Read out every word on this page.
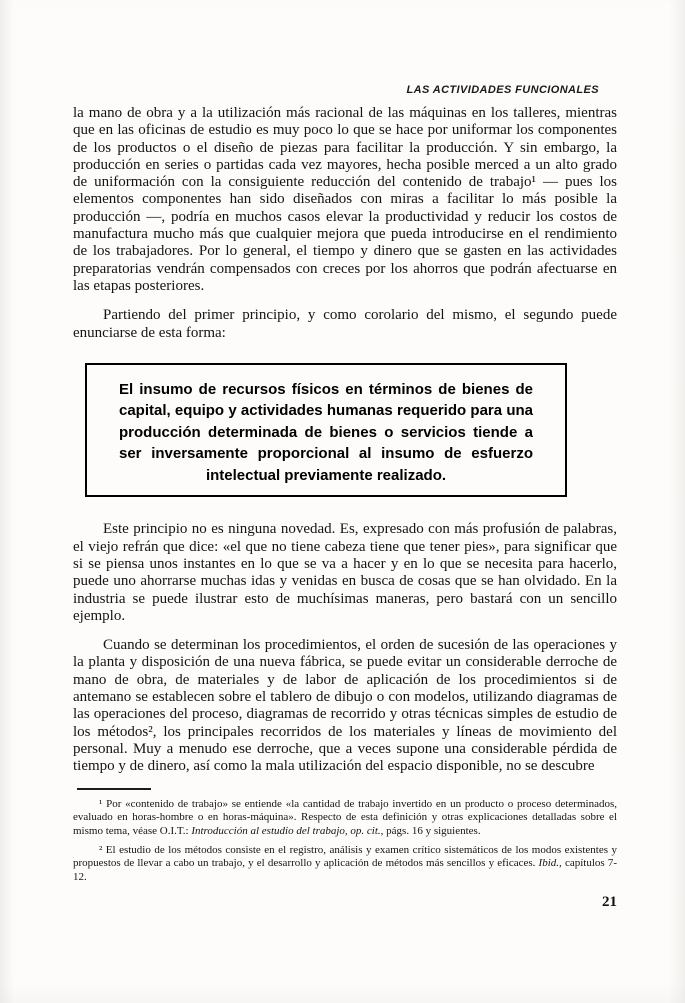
LAS ACTIVIDADES FUNCIONALES

la mano de obra y a la utilización más racional de las máquinas en los talleres, mientras que en las oficinas de estudio es muy poco lo que se hace por uniformar los componentes de los productos o el diseño de piezas para facilitar la producción. Y sin embargo, la producción en series o partidas cada vez mayores, hecha posible merced a un alto grado de uniformación con la consiguiente reducción del contenido de trabajo¹ — pues los elementos componentes han sido diseñados con miras a facilitar lo más posible la producción —, podría en muchos casos elevar la productividad y reducir los costos de manufactura mucho más que cualquier mejora que pueda introducirse en el rendimiento de los trabajadores. Por lo general, el tiempo y dinero que se gasten en las actividades preparatorias vendrán compensados con creces por los ahorros que podrán afectuarse en las etapas posteriores.

Partiendo del primer principio, y como corolario del mismo, el segundo puede enunciarse de esta forma:

El insumo de recursos físicos en términos de bienes de capital, equipo y actividades humanas requerido para una producción determinada de bienes o servicios tiende a ser inversamente proporcional al insumo de esfuerzo intelectual previamente realizado.

Este principio no es ninguna novedad. Es, expresado con más profusión de palabras, el viejo refrán que dice: «el que no tiene cabeza tiene que tener pies», para significar que si se piensa unos instantes en lo que se va a hacer y en lo que se necesita para hacerlo, puede uno ahorrarse muchas idas y venidas en busca de cosas que se han olvidado. En la industria se puede ilustrar esto de muchísimas maneras, pero bastará con un sencillo ejemplo.

Cuando se determinan los procedimientos, el orden de sucesión de las operaciones y la planta y disposición de una nueva fábrica, se puede evitar un considerable derroche de mano de obra, de materiales y de labor de aplicación de los procedimientos si de antemano se establecen sobre el tablero de dibujo o con modelos, utilizando diagramas de las operaciones del proceso, diagramas de recorrido y otras técnicas simples de estudio de los métodos², los principales recorridos de los materiales y líneas de movimiento del personal. Muy a menudo ese derroche, que a veces supone una considerable pérdida de tiempo y de dinero, así como la mala utilización del espacio disponible, no se descubre

¹ Por «contenido de trabajo» se entiende «la cantidad de trabajo invertido en un producto o proceso determinados, evaluado en horas-hombre o en horas-máquina». Respecto de esta definición y otras explicaciones detalladas sobre el mismo tema, véase O.I.T.: Introducción al estudio del trabajo, op. cit., págs. 16 y siguientes.

² El estudio de los métodos consiste en el registro, análisis y examen crítico sistemáticos de los modos existentes y propuestos de llevar a cabo un trabajo, y el desarrollo y aplicación de métodos más sencillos y eficaces. Ibid., capítulos 7-12.

21
